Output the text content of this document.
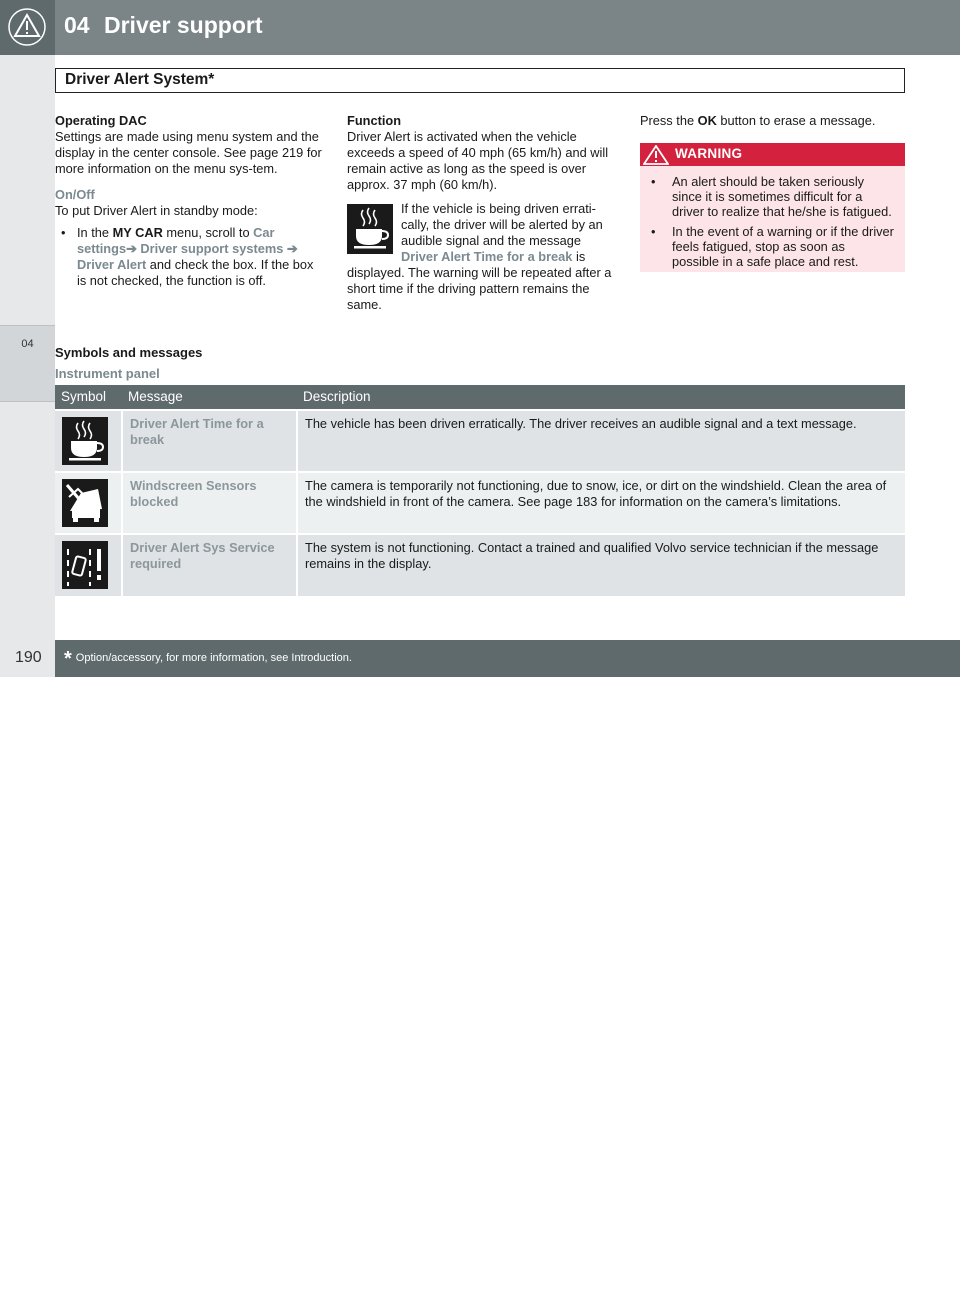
04 Driver support
04
Driver Alert System*

Operating DAC

Settings are made using menu system and the display in the center console. See page 219 for more information on the menu sys-tem.

On/Off

To put Driver Alert in standby mode:

• In the MY CAR menu, scroll to Car settings➔ Driver support systems ➔ Driver Alert and check the box. If the box is not checked, the function is off.

Function

Driver Alert is activated when the vehicle exceeds a speed of 40 mph (65 km/h) and will remain active as long as the speed is over approx. 37 mph (60 km/h).

If the vehicle is being driven errati-cally, the driver will be alerted by an audible signal and the message Driver Alert Time for a break is displayed. The warning will be repeated after a short time if the driving pattern remains the same.

Press the OK button to erase a message.

WARNING
• An alert should be taken seriously since it is sometimes difficult for a driver to realize that he/she is fatigued.
• In the event of a warning or if the driver feels fatigued, stop as soon as possible in a safe place and rest.
Symbols and messages
Instrument panel
Symbol	Message	Description

	Driver Alert Time for a break	The vehicle has been driven erratically. The driver receives an audible signal and a text message.

	Windscreen Sensors blocked	The camera is temporarily not functioning, due to snow, ice, or dirt on the windshield. Clean the area of the windshield in front of the camera. See page 183 for information on the camera’s limitations.

	Driver Alert Sys Service required	The system is not functioning. Contact a trained and qualified Volvo service technician if the message remains in the display.
190 * Option/accessory, for more information, see Introduction.
carmanualsonline.info
